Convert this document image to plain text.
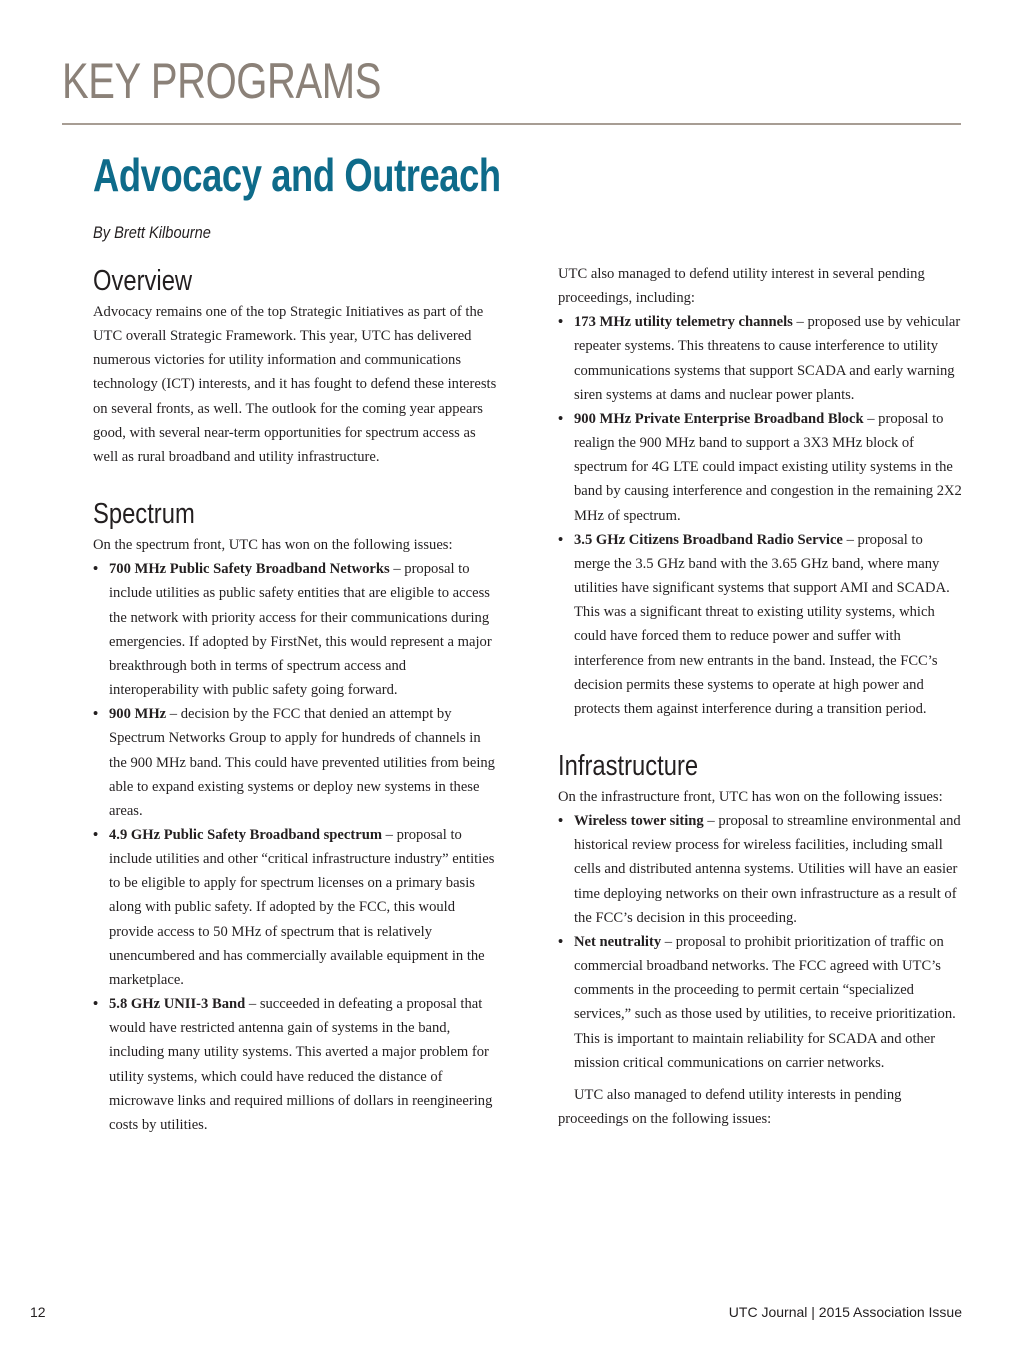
KEY PROGRAMS
Advocacy and Outreach

By Brett Kilbourne

Overview

Advocacy remains one of the top Strategic Initiatives as part of the UTC overall Strategic Framework. This year, UTC has delivered numerous victories for utility information and communications technology (ICT) interests, and it has fought to defend these interests on several fronts, as well. The outlook for the coming year appears good, with several near-term opportunities for spectrum access as well as rural broadband and utility infrastructure.

Spectrum

On the spectrum front, UTC has won on the following issues:

• 700 MHz Public Safety Broadband Networks – proposal to include utilities as public safety entities that are eligible to access the network with priority access for their communications during emergencies. If adopted by FirstNet, this would represent a major breakthrough both in terms of spectrum access and interoperability with public safety going forward.
• 900 MHz – decision by the FCC that denied an attempt by Spectrum Networks Group to apply for hundreds of channels in the 900 MHz band. This could have prevented utilities from being able to expand existing systems or deploy new systems in these areas.
• 4.9 GHz Public Safety Broadband spectrum – proposal to include utilities and other “critical infrastructure industry” entities to be eligible to apply for spectrum licenses on a primary basis along with public safety. If adopted by the FCC, this would provide access to 50 MHz of spectrum that is relatively unencumbered and has commercially available equipment in the marketplace.
• 5.8 GHz UNII-3 Band – succeeded in defeating a proposal that would have restricted antenna gain of systems in the band, including many utility systems. This averted a major problem for utility systems, which could have reduced the distance of microwave links and required millions of dollars in reengineering costs by utilities.

UTC also managed to defend utility interest in several pending proceedings, including:

• 173 MHz utility telemetry channels – proposed use by vehicular repeater systems. This threatens to cause interference to utility communications systems that support SCADA and early warning siren systems at dams and nuclear power plants.
• 900 MHz Private Enterprise Broadband Block – proposal to realign the 900 MHz band to support a 3X3 MHz block of spectrum for 4G LTE could impact existing utility systems in the band by causing interference and congestion in the remaining 2X2 MHz of spectrum.
• 3.5 GHz Citizens Broadband Radio Service – proposal to merge the 3.5 GHz band with the 3.65 GHz band, where many utilities have significant systems that support AMI and SCADA. This was a significant threat to existing utility systems, which could have forced them to reduce power and suffer with interference from new entrants in the band. Instead, the FCC’s decision permits these systems to operate at high power and protects them against interference during a transition period.
Infrastructure

On the infrastructure front, UTC has won on the following issues:

• Wireless tower siting – proposal to streamline environmental and historical review process for wireless facilities, including small cells and distributed antenna systems. Utilities will have an easier time deploying networks on their own infrastructure as a result of the FCC’s decision in this proceeding.
• Net neutrality – proposal to prohibit prioritization of traffic on commercial broadband networks. The FCC agreed with UTC’s comments in the proceeding to permit certain “specialized services,” such as those used by utilities, to receive prioritization. This is important to maintain reliability for SCADA and other mission critical communications on carrier networks.

UTC also managed to defend utility interests in pending proceedings on the following issues:

12	UTC Journal | 2015 Association Issue
